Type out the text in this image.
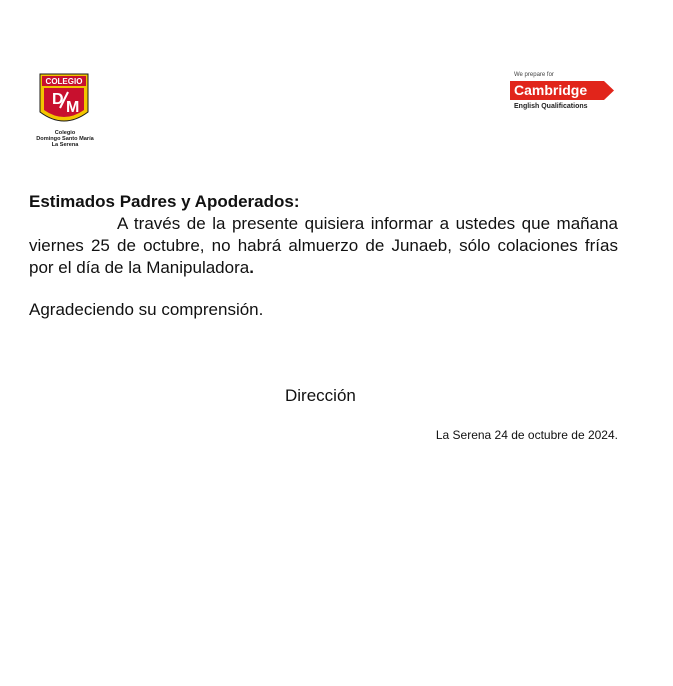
COLEGIO
D M
Colegio
Domingo Santo María
La Serena
We prepare for
Cambridge
English Qualifications

Estimados Padres y Apoderados:

A través de la presente quisiera informar a ustedes que mañana viernes 25 de octubre, no habrá almuerzo de Junaeb, sólo colaciones frías por el día de la Manipuladora.

Agradeciendo su comprensión.

Dirección
La Serena 24 de octubre de 2024.
